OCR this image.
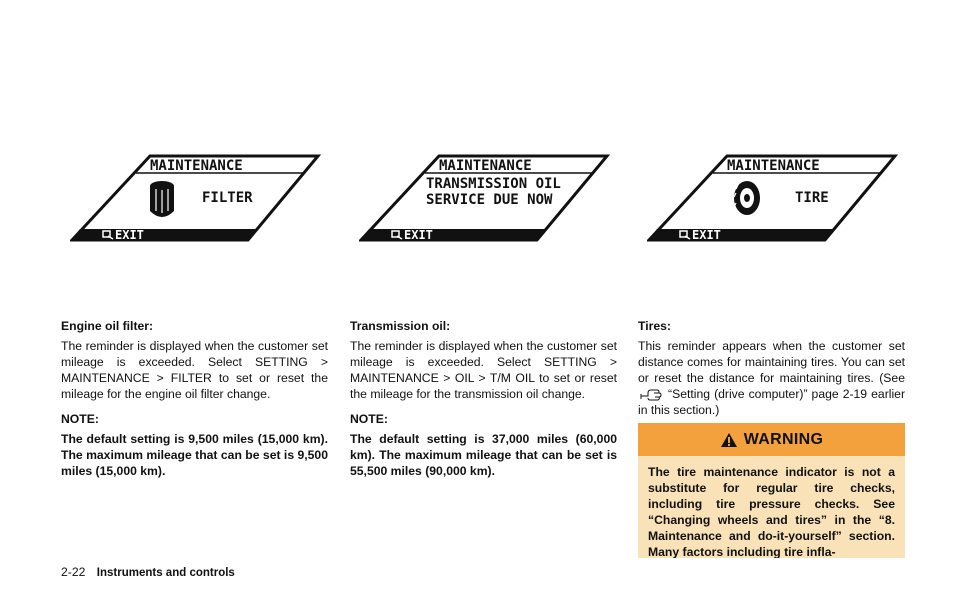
MAINTENANCE
FILTER
EXIT
MAINTENANCE
TRANSMISSION OIL
SERVICE DUE NOW
EXIT
MAINTENANCE
TIRE
EXIT
Engine oil filter:

The reminder is displayed when the customer set mileage is exceeded. Select SETTING > MAINTENANCE > FILTER to set or reset the mileage for the engine oil filter change.

NOTE:
The default setting is 9,500 miles (15,000 km). The maximum mileage that can be set is 9,500 miles (15,000 km).
Transmission oil:

The reminder is displayed when the customer set mileage is exceeded. Select SETTING > MAINTENANCE > OIL > T/M OIL to set or reset the mileage for the transmission oil change.

NOTE:
The default setting is 37,000 miles (60,000 km). The maximum mileage that can be set is 55,500 miles (90,000 km).
Tires:

This reminder appears when the customer set distance comes for maintaining tires. You can set or reset the distance for maintaining tires. (See  “Setting (drive computer)” page 2-19 earlier in this section.)

WARNING
The tire maintenance indicator is not a substitute for regular tire checks, including tire pressure checks. See “Changing wheels and tires” in the “8. Maintenance and do-it-yourself” section. Many factors including tire infla-
2-22 Instruments and controls
